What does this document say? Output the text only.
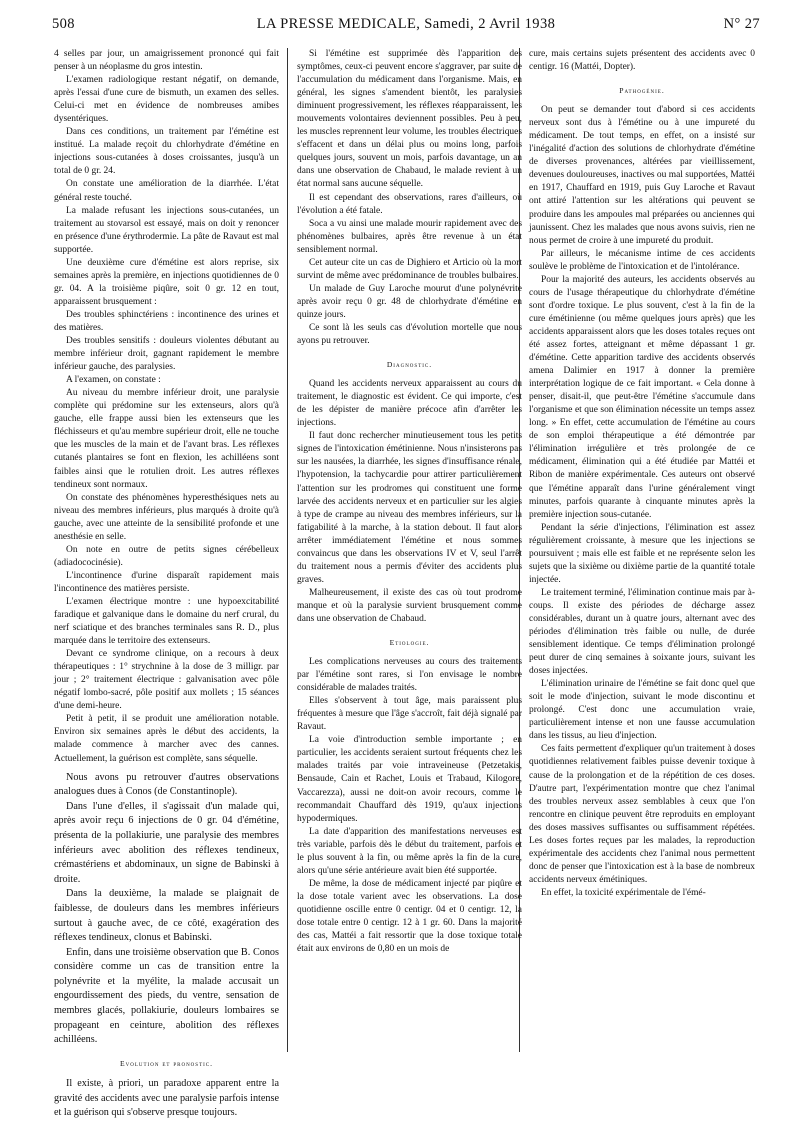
508	LA PRESSE MEDICALE, Samedi, 2 Avril 1938	N° 27

4 selles par jour, un amaigrissement prononcé qui fait penser à un néoplasme du gros intestin.

L'examen radiologique restant négatif, on demande, après l'essai d'une cure de bismuth, un examen des selles. Celui-ci met en évidence de nombreuses amibes dysentériques.

Dans ces conditions, un traitement par l'émétine est institué. La malade reçoit du chlorhydrate d'émétine en injections sous-cutanées à doses croissantes, jusqu'à un total de 0 gr. 24.

On constate une amélioration de la diarrhée. L'état général reste touché.

La malade refusant les injections sous-cutanées, un traitement au stovarsol est essayé, mais on doit y renoncer en présence d'une érythrodermie. La pâte de Ravaut est mal supportée.

Une deuxième cure d'émétine est alors reprise, six semaines après la première, en injections quotidiennes de 0 gr. 04. A la troisième piqûre, soit 0 gr. 12 en tout, apparaissent brusquement :

Des troubles sphinctériens : incontinence des urines et des matières.

Des troubles sensitifs : douleurs violentes débutant au membre inférieur droit, gagnant rapidement le membre inférieur gauche, des paralysies.

A l'examen, on constate :

Au niveau du membre inférieur droit, une paralysie complète qui prédomine sur les extenseurs, alors qu'à gauche, elle frappe aussi bien les extenseurs que les fléchisseurs et qu'au membre supérieur droit, elle ne touche que les muscles de la main et de l'avant bras. Les réflexes cutanés plantaires se font en flexion, les achilléens sont faibles ainsi que le rotulien droit. Les autres réflexes tendineux sont normaux.

On constate des phénomènes hyperesthésiques nets au niveau des membres inférieurs, plus marqués à droite qu'à gauche, avec une atteinte de la sensibilité profonde et une anesthésie en selle.

On note en outre de petits signes cérébelleux (adiadococinésie).

L'incontinence d'urine disparaît rapidement mais l'incontinence des matières persiste.

L'examen électrique montre : une hypoexcitabilité faradique et galvanique dans le domaine du nerf crural, du nerf sciatique et des branches terminales sans R. D., plus marquée dans le territoire des extenseurs.

Devant ce syndrome clinique, on a recours à deux thérapeutiques : 1° strychnine à la dose de 3 milligr. par jour ; 2° traitement électrique : galvanisation avec pôle négatif lombo-sacré, pôle positif aux mollets ; 15 séances d'une demi-heure.

Petit à petit, il se produit une amélioration notable. Environ six semaines après le début des accidents, la malade commence à marcher avec des cannes. Actuellement, la guérison est complète, sans séquelle.

Nous avons pu retrouver d'autres observations analogues dues à Conos (de Constantinople).

Dans l'une d'elles, il s'agissait d'un malade qui, après avoir reçu 6 injections de 0 gr. 04 d'émétine, présenta de la pollakiurie, une paralysie des membres inférieurs avec abolition des réflexes tendineux, crémastériens et abdominaux, un signe de Babinski à droite.

Dans la deuxième, la malade se plaignait de faiblesse, de douleurs dans les membres inférieurs surtout à gauche avec, de ce côté, exagération des réflexes tendineux, clonus et Babinski.

Enfin, dans une troisième observation que B. Conos considère comme un cas de transition entre la polynévrite et la myélite, la malade accusait un engourdissement des pieds, du ventre, sensation de membres glacés, pollakiurie, douleurs lombaires se propageant en ceinture, abolition des réflexes achilléens.

Evolution et pronostic.

Il existe, à priori, un paradoxe apparent entre la gravité des accidents avec une paralysie parfois intense et la guérison qui s'observe presque toujours.

Si l'émétine est supprimée dès l'apparition des symptômes, ceux-ci peuvent encore s'aggraver, par suite de l'accumulation du médicament dans l'organisme. Mais, en général, les signes s'amendent bientôt, les paralysies diminuent progressivement, les réflexes réapparaissent, les mouvements volontaires deviennent possibles. Peu à peu, les muscles reprennent leur volume, les troubles électriques s'effacent et dans un délai plus ou moins long, parfois quelques jours, souvent un mois, parfois davantage, un an dans une observation de Chabaud, le malade revient à un état normal sans aucune séquelle.

Il est cependant des observations, rares d'ailleurs, où l'évolution a été fatale.

Soca a vu ainsi une malade mourir rapidement avec des phénomènes bulbaires, après être revenue à un état sensiblement normal.

Cet auteur cite un cas de Dighiero et Articio où la mort survint de même avec prédominance de troubles bulbaires.

Un malade de Guy Laroche mourut d'une polynévrite après avoir reçu 0 gr. 48 de chlorhydrate d'émétine en quinze jours.

Ce sont là les seuls cas d'évolution mortelle que nous ayons pu retrouver.

Diagnostic.

Quand les accidents nerveux apparaissent au cours du traitement, le diagnostic est évident. Ce qui importe, c'est de les dépister de manière précoce afin d'arrêter les injections.

Il faut donc rechercher minutieusement tous les petits signes de l'intoxication émétinienne. Nous n'insisterons pas sur les nausées, la diarrhée, les signes d'insuffisance rénale, l'hypotension, la tachycardie pour attirer particulièrement l'attention sur les prodromes qui constituent une forme larvée des accidents nerveux et en particulier sur les algies à type de crampe au niveau des membres inférieurs, sur la fatigabilité à la marche, à la station debout. Il faut alors arrêter immédiatement l'émétine et nous sommes convaincus que dans les observations IV et V, seul l'arrêt du traitement nous a permis d'éviter des accidents plus graves.

Malheureusement, il existe des cas où tout prodrome manque et où la paralysie survient brusquement comme dans une observation de Chabaud.

Etiologie.

Les complications nerveuses au cours des traitements par l'émétine sont rares, si l'on envisage le nombre considérable de malades traités.

Elles s'observent à tout âge, mais paraissent plus fréquentes à mesure que l'âge s'accroît, fait déjà signalé par Ravaut.

La voie d'introduction semble importante ; en particulier, les accidents seraient surtout fréquents chez les malades traités par voie intraveineuse (Petzetakis, Bensaude, Cain et Rachet, Louis et Trabaud, Kilogore, Vaccarezza), aussi ne doit-on avoir recours, comme le recommandait Chauffard dès 1919, qu'aux injections hypodermiques.

La date d'apparition des manifestations nerveuses est très variable, parfois dès le début du traitement, parfois et le plus souvent à la fin, ou même après la fin de la cure, alors qu'une série antérieure avait bien été supportée.

De même, la dose de médicament injecté par piqûre et la dose totale varient avec les observations. La dose quotidienne oscille entre 0 centigr. 04 et 0 centigr. 12, la dose totale entre 0 centigr. 12 à 1 gr. 60. Dans la majorité des cas, Mattéi a fait ressortir que la dose toxique totale était aux environs de 0,80 en un mois de

cure, mais certains sujets présentent des accidents avec 0 centigr. 16 (Mattéi, Dopter).

Pathogénie.

On peut se demander tout d'abord si ces accidents nerveux sont dus à l'émétine ou à une impureté du médicament. De tout temps, en effet, on a insisté sur l'inégalité d'action des solutions de chlorhydrate d'émétine de diverses provenances, altérées par vieillissement, devenues douloureuses, inactives ou mal supportées, Mattéi en 1917, Chauffard en 1919, puis Guy Laroche et Ravaut ont attiré l'attention sur les altérations qui peuvent se produire dans les ampoules mal préparées ou anciennes qui jaunissent. Chez les malades que nous avons suivis, rien ne nous permet de croire à une impureté du produit.

Par ailleurs, le mécanisme intime de ces accidents soulève le problème de l'intoxication et de l'intolérance.

Pour la majorité des auteurs, les accidents observés au cours de l'usage thérapeutique du chlorhydrate d'émétine sont d'ordre toxique. Le plus souvent, c'est à la fin de la cure émétinienne (ou même quelques jours après) que les accidents apparaissent alors que les doses totales reçues ont été assez fortes, atteignant et même dépassant 1 gr. d'émétine. Cette apparition tardive des accidents observés amena Dalimier en 1917 à donner la première interprétation logique de ce fait important. « Cela donne à penser, disait-il, que peut-être l'émétine s'accumule dans l'organisme et que son élimination nécessite un temps assez long. » En effet, cette accumulation de l'émétine au cours de son emploi thérapeutique a été démontrée par l'élimination irrégulière et très prolongée de ce médicament, élimination qui a été étudiée par Mattéi et Ribon de manière expérimentale. Ces auteurs ont observé que l'émétine apparaît dans l'urine généralement vingt minutes, parfois quarante à cinquante minutes après la première injection sous-cutanée.

Pendant la série d'injections, l'élimination est assez régulièrement croissante, à mesure que les injections se poursuivent ; mais elle est faible et ne représente selon les sujets que la sixième ou dixième partie de la quantité totale injectée.

Le traitement terminé, l'élimination continue mais par à-coups. Il existe des périodes de décharge assez considérables, durant un à quatre jours, alternant avec des périodes d'élimination très faible ou nulle, de durée sensiblement identique. Ce temps d'élimination prolongé peut durer de cinq semaines à soixante jours, suivant les doses injectées.

L'élimination urinaire de l'émétine se fait donc quel que soit le mode d'injection, suivant le mode discontinu et prolongé. C'est donc une accumulation vraie, particulièrement intense et non une fausse accumulation dans les tissus, au lieu d'injection.

Ces faits permettent d'expliquer qu'un traitement à doses quotidiennes relativement faibles puisse devenir toxique à cause de la prolongation et de la répétition de ces doses. D'autre part, l'expérimentation montre que chez l'animal des troubles nerveux assez semblables à ceux que l'on rencontre en clinique peuvent être reproduits en employant des doses massives suffisantes ou suffisamment répétées. Les doses fortes reçues par les malades, la reproduction expérimentale des accidents chez l'animal nous permettent donc de penser que l'intoxication est à la base de nombreux accidents nerveux émétiniques.

En effet, la toxicité expérimentale de l'émé-
